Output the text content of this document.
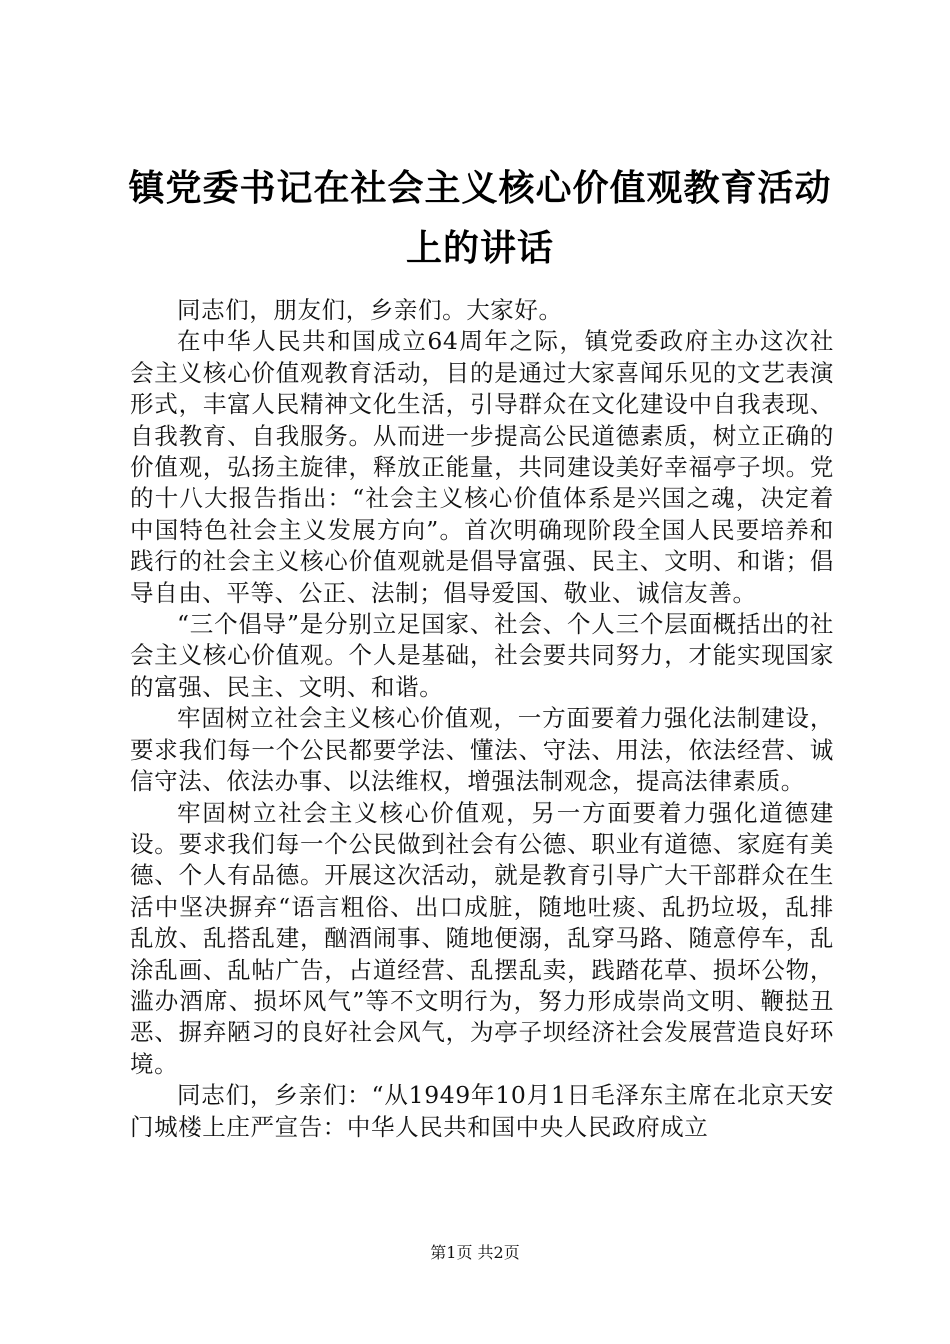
镇党委书记在社会主义核心价值观教育活动上的讲话

同志们，朋友们，乡亲们。大家好。

在中华人民共和国成立64周年之际，镇党委政府主办这次社会主义核心价值观教育活动，目的是通过大家喜闻乐见的文艺表演形式，丰富人民精神文化生活，引导群众在文化建设中自我表现、自我教育、自我服务。从而进一步提高公民道德素质，树立正确的价值观，弘扬主旋律，释放正能量，共同建设美好幸福亭子坝。党的十八大报告指出：“社会主义核心价值体系是兴国之魂，决定着中国特色社会主义发展方向”。首次明确现阶段全国人民要培养和践行的社会主义核心价值观就是倡导富强、民主、文明、和谐；倡导自由、平等、公正、法制；倡导爱国、敬业、诚信友善。

“三个倡导”是分别立足国家、社会、个人三个层面概括出的社会主义核心价值观。个人是基础，社会要共同努力，才能实现国家的富强、民主、文明、和谐。

牢固树立社会主义核心价值观，一方面要着力强化法制建设，要求我们每一个公民都要学法、懂法、守法、用法，依法经营、诚信守法、依法办事、以法维权，增强法制观念，提高法律素质。

牢固树立社会主义核心价值观，另一方面要着力强化道德建设。要求我们每一个公民做到社会有公德、职业有道德、家庭有美德、个人有品德。开展这次活动，就是教育引导广大干部群众在生活中坚决摒弃“语言粗俗、出口成脏，随地吐痰、乱扔垃圾，乱排乱放、乱搭乱建，酗酒闹事、随地便溺，乱穿马路、随意停车，乱涂乱画、乱帖广告，占道经营、乱摆乱卖，践踏花草、损坏公物，滥办酒席、损坏风气”等不文明行为，努力形成崇尚文明、鞭挞丑恶、摒弃陋习的良好社会风气，为亭子坝经济社会发展营造良好环境。

同志们，乡亲们：“从1949年10月1日毛泽东主席在北京天安门城楼上庄严宣告：中华人民共和国中央人民政府成立

第1页 共2页
